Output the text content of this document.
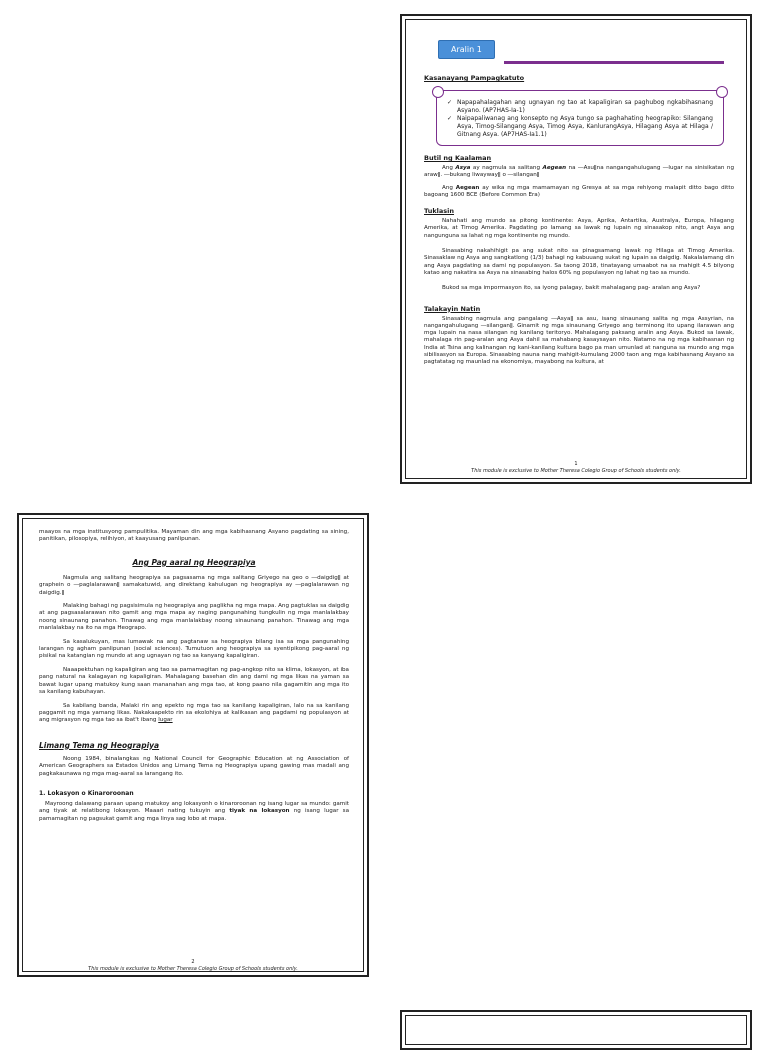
Aralin 1
Kasanayang Pampagkatuto
✓ Napapahalagahan ang ugnayan ng tao at kapaligiran sa paghubog ngkabihasnang Asyano. (AP7HAS-Ia-1)
✓ Naipapaliwanag ang konsepto ng Asya tungo sa paghahating heograpiko: Silangang Asya, Timog-Silangang Asya, Timog Asya, KanlurangAsya, Hilagang Asya at Hilaga / Gitnang Asya. (AP7HAS-Ia1.1)
Butil ng Kaalaman

Ang Asya ay nagmula sa salitang Aegean na ―Asuǁna nangangahulugang ―lugar na sinisikatan ng arawǁ. ―bukang liwaywayǁ o ―silanganǁ

Ang Aegean ay wika ng mga mamamayan ng Gresya at sa mga rehiyong malapit ditto bago ditto bagoang 1600 BCE (Before Common Era)

Tuklasin

Nahahati ang mundo sa pitong kontinente: Asya, Aprika, Antartika, Australya, Europa, hilagang Amerika, at Timog Amerika. Pagdating po lamang sa lawak ng lupain ng sinasakop nito, angt Asya ang nangunguna sa lahat ng mga kontinente ng mundo.

Sinasabing nakahihigit pa ang sukat nito sa pinagsamang lawak ng Hilaga at Timog Amerika. Sinasaklaw ng Asya ang sangkatlong (1/3) bahagi ng kabuuang sukat ng lupain sa daigdig. Nakalalamang din ang Asya pagdating sa dami ng populasyon. Sa taong 2018, tinatayang umaabot na sa mahigit 4.5 bilyong katao ang nakatira sa Asya na sinasabing halos 60% ng populasyon ng lahat ng tao sa mundo.

Bukod sa mga impormasyon ito, sa iyong palagay, bakit mahalagang pag- aralan ang Asya?

Talakayin Natin

Sinasabing nagmula ang pangalang ―Asyaǁ sa asu, isang sinaunang salita ng mga Assyrian, na nangangahulugang ―silanganǁ. Ginamit ng mga sinaunang Griyego ang terminong ito upang ilarawan ang mga lupain na nasa silangan ng kanilang teritoryo. Mahalagang paksang aralin ang Asya. Bukod sa lawak, mahalaga rin pag-aralan ang Asya dahil sa mahabang kasaysayan nito. Natamo na ng mga kabihasnan ng India at Tsina ang kalinangan ng kani-kanilang kultura bago pa man umunlad at nanguna sa mundo ang mga sibilisasyon sa Europa. Sinasabing nauna nang mahigit-kumulang 2000 taon ang mga kabihasnang Asyano sa pagtatatag ng maunlad na ekonomiya, mayabong na kultura, at

1
This module is exclusive to Mother Theresa Colegio Group of Schools students only.

maayos na mga institusyong pampulitika. Mayaman din ang mga kabihasnang Asyano pagdating sa sining, panitikan, pilosopiya, relihiyon, at kaayusang panlipunan.

Ang Pag aaral ng Heograpiya

Nagmula ang salitang heograpiya sa pagsasama ng mga salitang Griyego na geo o ―daigdigǁ at graphein o ―paglalarawanǁ samakatuwid, ang direktang kahulugan ng heograpiya ay ―paglalarawan ng daigdig.ǁ

Malaking bahagi ng pagsisimula ng heograpiya ang paglikha ng mga mapa. Ang pagtuklas sa daigdig at ang pagsasalarawan nito gamit ang mga mapa ay naging pangunahing tungkulin ng mga manlalakbay noong sinaunang panahon. Tinawag ang mga manlalakbay noong sinaunang panahon. Tinawag ang mga manlalakbay na ito na mga Heograpo.

Sa kasalukuyan, mas lumawak na ang pagtanaw sa heograpiya bilang isa sa mga pangunahing larangan ng agham panlipunan (social sciences). Tumutuon ang heograpiya sa syentipikong pag-aaral ng pisikal na katangian ng mundo at ang ugnayan ng tao sa kanyang kapaligiran.

Naaapektuhan ng kapaligiran ang tao sa pamamagitan ng pag-angkop nito sa klima, lokasyon, at iba pang natural na kalagayan ng kapaligiran. Mahalagang basehan din ang dami ng mga likas na yaman sa bawat lugar upang matukoy kung saan mananahan ang mga tao, at kong paano nila gagamitin ang mga ito sa kanilang kabuhayan.

Sa kabilang banda, Malaki rin ang epekto ng mga tao sa kanilang kapaligiran, lalo na sa kanilang paggamit ng mga yamang likas. Nakakaapekto rin sa ekolohiya at kalikasan ang pagdami ng populasyon at ang migrasyon ng mga tao sa ibat't ibang lugar

Limang Tema ng Heograpiya

Noong 1984, binalangkas ng National Council for Geographic Education at ng Association of American Geographers sa Estados Unidos ang Limang Tema ng Heograpiya upang gawing mas madali ang pagkakaunawa ng mga mag-aaral sa larangang ito.

1. Lokasyon o Kinaroroonan

Mayroong dalawang paraan upang matukoy ang lokasyonh o kinaroroonan ng isang lugar sa mundo: gamit ang tiyak at relatibong lokasyon. Maaari nating tukuyin ang tiyak na lokasyon ng isang lugar sa pamamagitan ng pagsukat gamit ang mga linya sag lobo at mapa.

2
This module is exclusive to Mother Theresa Colegio Group of Schools students only.
